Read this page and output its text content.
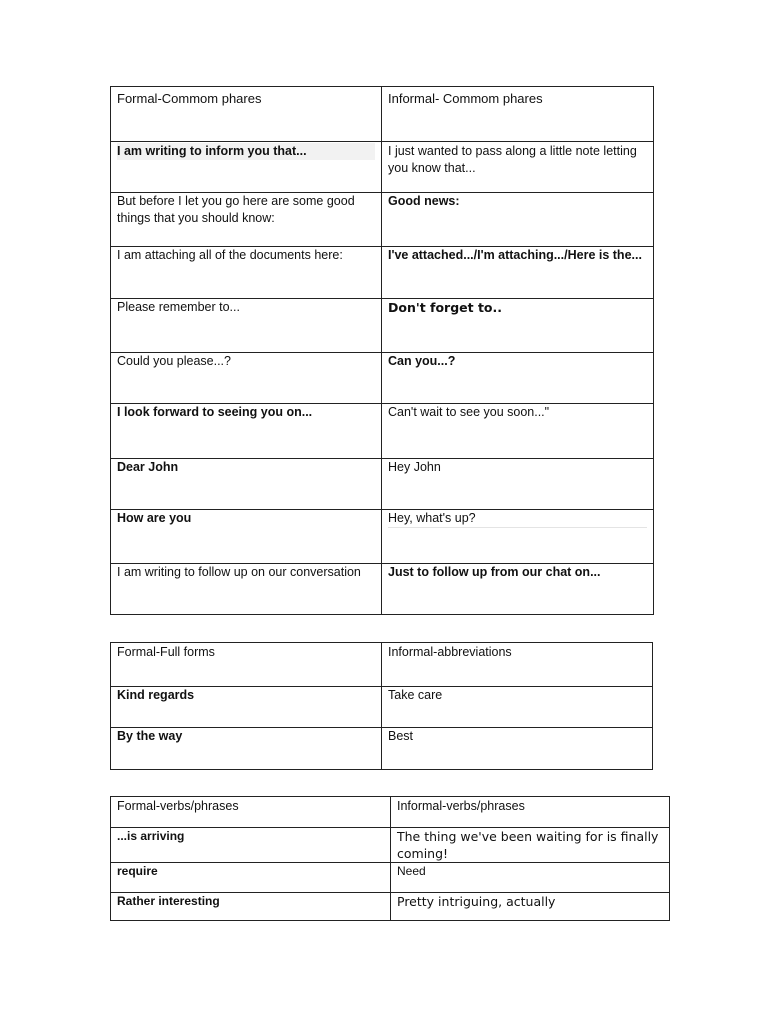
Formal-Commom phares	Informal- Commom phares

I am writing to inform you that...	I just wanted to pass along a little note letting you know that...
But before I let you go here are some good things that you should know:	Good news:
I am attaching all of the documents here:	I've attached.../I'm attaching.../Here is the...
Please remember to...	Don't forget to..
Could you please...?	Can you...?
I look forward to seeing you on...	Can't wait to see you soon..."
Dear John	Hey John
How are you	Hey, what's up?

I am writing to follow up on our conversation	Just to follow up from our chat on...
Formal-Full forms	Informal-abbreviations
Kind regards	Take care
By the way	Best
Formal-verbs/phrases	Informal-verbs/phrases
...is arriving	The thing we've been waiting for is finally coming!
require	Need
Rather interesting	Pretty intriguing, actually
